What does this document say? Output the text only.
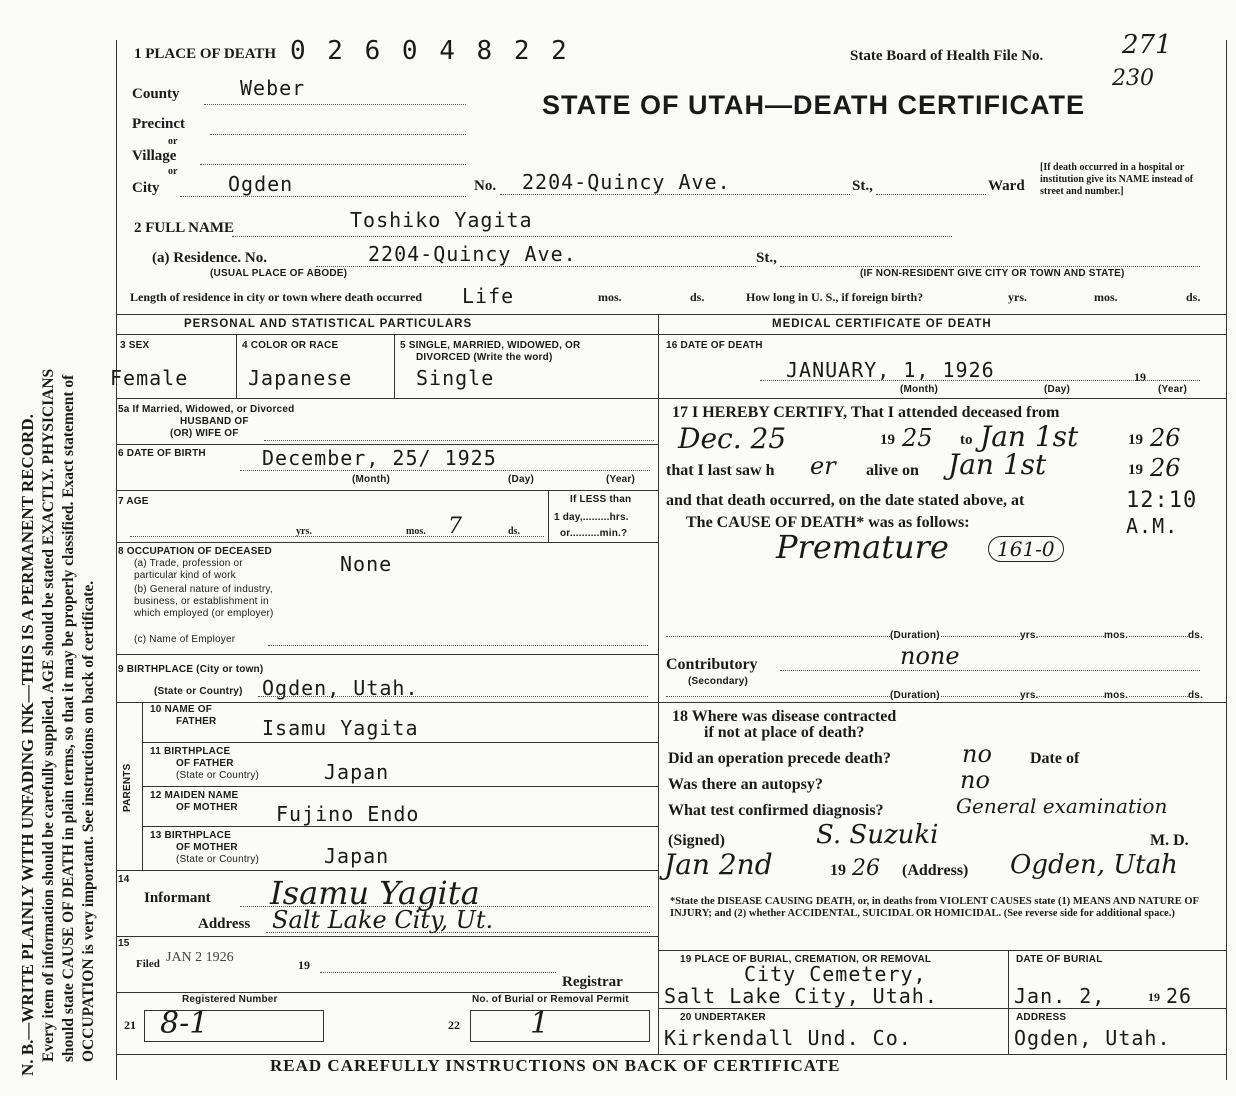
N. B.—WRITE PLAINLY WITH UNFADING INK—THIS IS A PERMANENT RECORD. Every item of information should be carefully supplied. AGE should be stated EXACTLY. PHYSICIANS should state CAUSE OF DEATH in plain terms, so that it may be properly classified. Exact statement of OCCUPATION is very important. See instructions on back of certificate.
1 PLACE OF DEATH 0 2 6 0 4 8 2 2	State Board of Health File No.	271
230
STATE OF UTAH—DEATH CERTIFICATE
County	Weber
Precinct
or
Village
or
City	Ogden	No. 2204-Quincy Ave.	St.,	Ward
[If death occurred in a hospital or institution give its NAME instead of street and number.]
2 FULL NAME	Toshiko Yagita
(a) Residence. No.	2204-Quincy Ave.	St.,
(USUAL PLACE OF ABODE)	(IF NON-RESIDENT GIVE CITY OR TOWN AND STATE)
Length of residence in city or town where death occurred Life	mos.	ds.	How long in U. S., if foreign birth?	yrs.	mos.	ds.
PERSONAL AND STATISTICAL PARTICULARS
3 SEX
Female
4 COLOR OR RACE
Japanese
5 SINGLE, MARRIED, WIDOWED, OR
DIVORCED (Write the word)
Single
5a If Married, Widowed, or Divorced
HUSBAND OF
(OR) WIFE OF
6 DATE OF BIRTH	December, 25/ 1925
(Month)	(Day)	(Year)
7 AGE
7
yrs.	mos.	ds.
If LESS than
1 day,.........hrs.
or..........min.?
8 OCCUPATION OF DECEASED
(a) Trade, profession or
particular kind of work
(b) General nature of industry,
business, or establishment in
which employed (or employer)
None
(c) Name of Employer
9 BIRTHPLACE (City or town)
(State or Country) Ogden, Utah.
PARENTS
10 NAME OF
FATHER Isamu Yagita
11 BIRTHPLACE
OF FATHER
(State or Country)	Japan
12 MAIDEN NAME
OF MOTHER Fujino Endo
13 BIRTHPLACE
OF MOTHER
(State or Country)	Japan
14
Informant Isamu Yagita
Address Salt Lake City, Ut.
15
Filed JAN 2 1926	19
Registrar
Registered Number	No. of Burial or Removal Permit
21 8-1	22 1
MEDICAL CERTIFICATE OF DEATH
16 DATE OF DEATH
JANUARY, 1, 1926
(Month)	(Day)
19
(Year)
17 I HEREBY CERTIFY, That I attended deceased from
Dec. 25	19 25 to Jan 1st	19 26
that I last saw h er alive on Jan 1st	19 26
and that death occurred, on the date stated above, at	12:10
The CAUSE OF DEATH* was as follows:	A.M.
Premature	161-0
(Duration)	yrs.	mos.	ds.
Contributory
(Secondary)
none
(Duration)	yrs.	mos.	ds.
18 Where was disease contracted
if not at place of death?
Did an operation precede death?	no Date of
Was there an autopsy?	no
What test confirmed diagnosis?	General examination
(Signed)	S. Suzuki	M. D.
Jan 2nd	19 26 (Address) Ogden, Utah
*State the DISEASE CAUSING DEATH, or, in deaths from VIOLENT CAUSES state (1) MEANS AND NATURE OF INJURY; and (2) whether ACCIDENTAL, SUICIDAL OR HOMICIDAL. (See reverse side for additional space.)
19 PLACE OF BURIAL, CREMATION, OR REMOVAL
City Cemetery,
Salt Lake City, Utah.
DATE OF BURIAL
Jan. 2,	19 26
20 UNDERTAKER
Kirkendall Und. Co.
ADDRESS
Ogden, Utah.
READ CAREFULLY INSTRUCTIONS ON BACK OF CERTIFICATE
